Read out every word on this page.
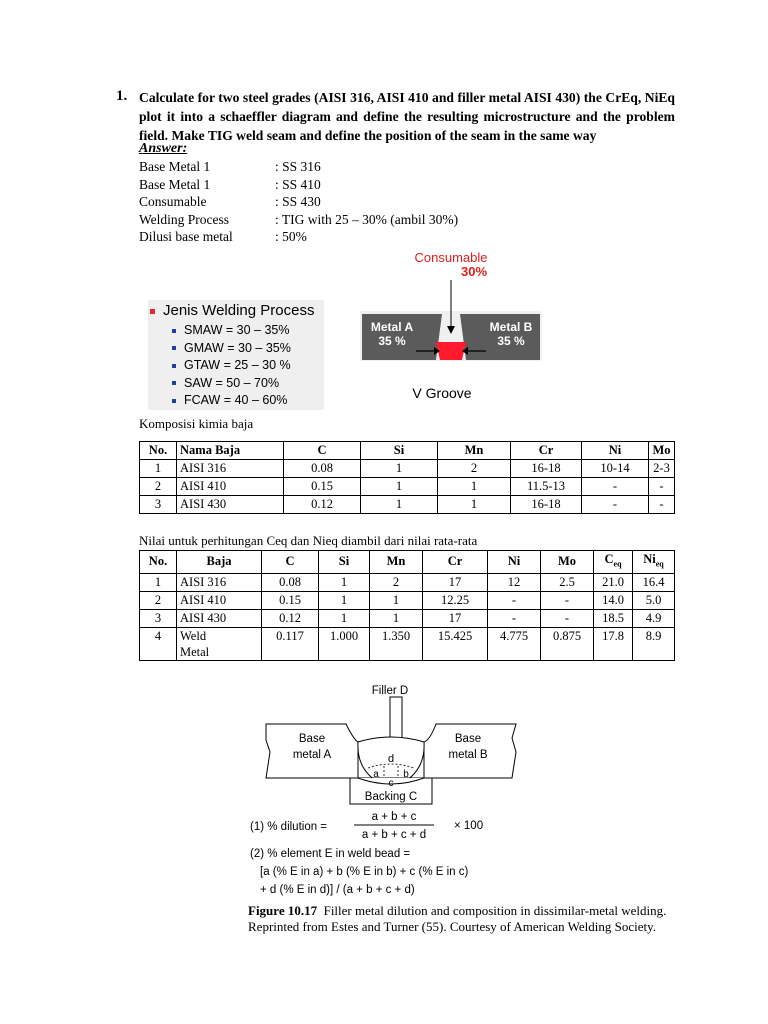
1. Calculate for two steel grades (AISI 316, AISI 410 and filler metal AISI 430) the CrEq, NiEq plot it into a schaeffler diagram and define the resulting microstructure and the problem field. Make TIG weld seam and define the position of the seam in the same way
Answer:
Base Metal 1	: SS 316
Base Metal 1	: SS 410
Consumable	: SS 430
Welding Process	: TIG with 25 – 30% (ambil 30%)
Dilusi base metal	: 50%
Jenis Welding Process
SMAW = 30 – 35%
GMAW = 30 – 35%
GTAW = 25 – 30 %
SAW = 50 – 70%
FCAW = 40 – 60%
Consumable
30%
Metal A
35 %
Metal B
35 %
V Groove
Komposisi kimia baja
No.	Nama Baja	C	Si	Mn	Cr	Ni	Mo
1	AISI 316	0.08	1	2	16-18	10-14	2-3
2	AISI 410	0.15	1	1	11.5-13	-	-
3	AISI 430	0.12	1	1	16-18	-	-
Nilai untuk perhitungan Ceq dan Nieq diambil dari nilai rata-rata
No.	Baja	C	Si	Mn	Cr	Ni	Mo	$C_{eq}$	$Ni_{eq}$
1	AISI 316	0.08	1	2	17	12	2.5	21.0	16.4
2	AISI 410	0.15	1	1	12.25	-	-	14.0	5.0
3	AISI 430	0.12	1	1	17	-	-	18.5	4.9
4	Weld Metal	0.117	1.000	1.350	15.425	4.775	0.875	17.8	8.9
Filler D
Base
metal A
Base
metal B
d
a b
c
Backing C
(1) % dilution =
a + b + c
a + b + c + d
× 100
(2) % element E in weld bead =
[a (% E in a) + b (% E in b) + c (% E in c)
+ d (% E in d)] / (a + b + c + d)
Figure 10.17 Filler metal dilution and composition in dissimilar-metal welding. Reprinted from Estes and Turner (55). Courtesy of American Welding Society.
